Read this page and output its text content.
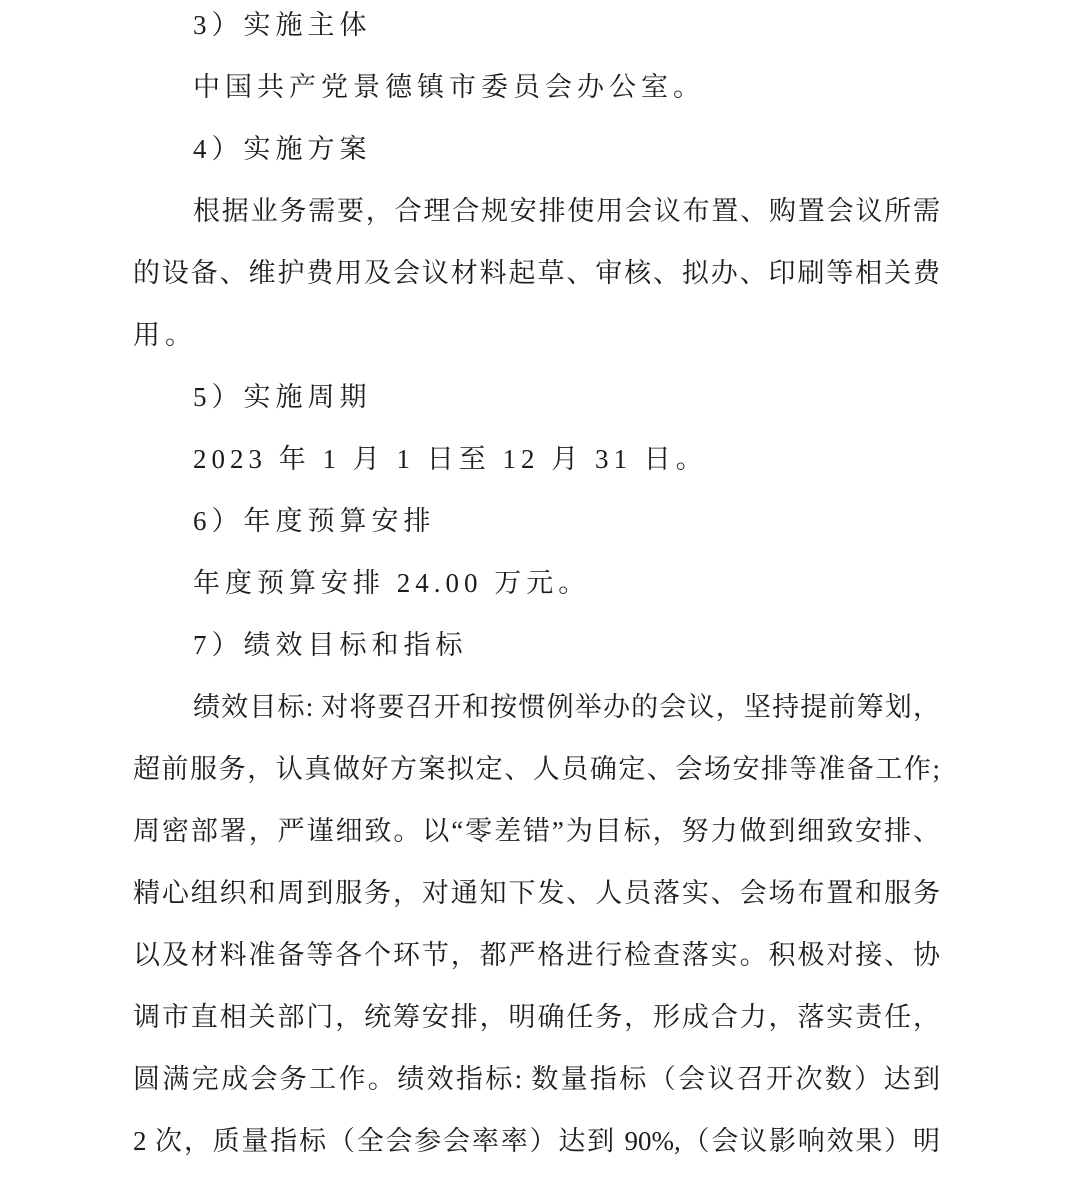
3）实施主体
中国共产党景德镇市委员会办公室。
4）实施方案
根据业务需要，合理合规安排使用会议布置、购置会议所需
的设备、维护费用及会议材料起草、审核、拟办、印刷等相关费
用。
5）实施周期
2023 年 1 月 1 日至 12 月 31 日。
6）年度预算安排
年度预算安排 24.00 万元。
7）绩效目标和指标
绩效目标: 对将要召开和按惯例举办的会议，坚持提前筹划，
超前服务，认真做好方案拟定、人员确定、会场安排等准备工作;
周密部署，严谨细致。以“零差错”为目标，努力做到细致安排、
精心组织和周到服务，对通知下发、人员落实、会场布置和服务
以及材料准备等各个环节，都严格进行检查落实。积极对接、协
调市直相关部门，统筹安排，明确任务，形成合力，落实责任，
圆满完成会务工作。绩效指标: 数量指标（会议召开次数）达到
2 次，质量指标（全会参会率率）达到 90%,（会议影响效果）明
